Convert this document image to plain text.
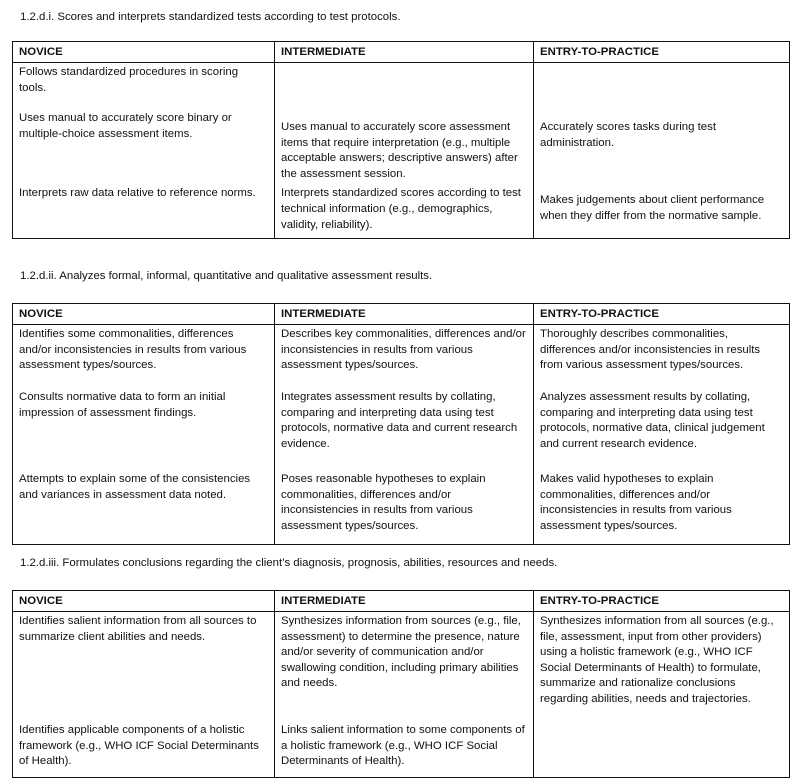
1.2.d.i. Scores and interprets standardized tests according to test protocols.

NOVICE	INTERMEDIATE	ENTRY-TO-PRACTICE

Follows standardized procedures in scoring tools.		

Uses manual to accurately score binary or multiple-choice assessment items.	Uses manual to accurately score assessment items that require interpretation (e.g., multiple acceptable answers; descriptive answers) after the assessment session.	Accurately scores tasks during test administration.

Interprets raw data relative to reference norms.	Interprets standardized scores according to test technical information (e.g., demographics, validity, reliability).	Makes judgements about client performance when they differ from the normative sample.

1.2.d.ii. Analyzes formal, informal, quantitative and qualitative assessment results.

NOVICE	INTERMEDIATE	ENTRY-TO-PRACTICE

Identifies some commonalities, differences and/or inconsistencies in results from various assessment types/sources.	Describes key commonalities, differences and/or inconsistencies in results from various assessment types/sources.	Thoroughly describes commonalities, differences and/or inconsistencies in results from various assessment types/sources.

Consults normative data to form an initial impression of assessment findings.	Integrates assessment results by collating, comparing and interpreting data using test protocols, normative data and current research evidence.	Analyzes assessment results by collating, comparing and interpreting data using test protocols, normative data, clinical judgement and current research evidence.

Attempts to explain some of the consistencies and variances in assessment data noted.	Poses reasonable hypotheses to explain commonalities, differences and/or inconsistencies in results from various assessment types/sources.	Makes valid hypotheses to explain commonalities, differences and/or inconsistencies in results from various assessment types/sources.

1.2.d.iii. Formulates conclusions regarding the client’s diagnosis, prognosis, abilities, resources and needs.

NOVICE	INTERMEDIATE	ENTRY-TO-PRACTICE

Identifies salient information from all sources to summarize client abilities and needs.	Synthesizes information from sources (e.g., file, assessment) to determine the presence, nature and/or severity of communication and/or swallowing condition, including primary abilities and needs.	Synthesizes information from all sources (e.g., file, assessment, input from other providers) using a holistic framework (e.g., WHO ICF Social Determinants of Health) to formulate, summarize and rationalize conclusions regarding abilities, needs and trajectories.

Identifies applicable components of a holistic framework (e.g., WHO ICF Social Determinants of Health).	Links salient information to some components of a holistic framework (e.g., WHO ICF Social Determinants of Health).	
